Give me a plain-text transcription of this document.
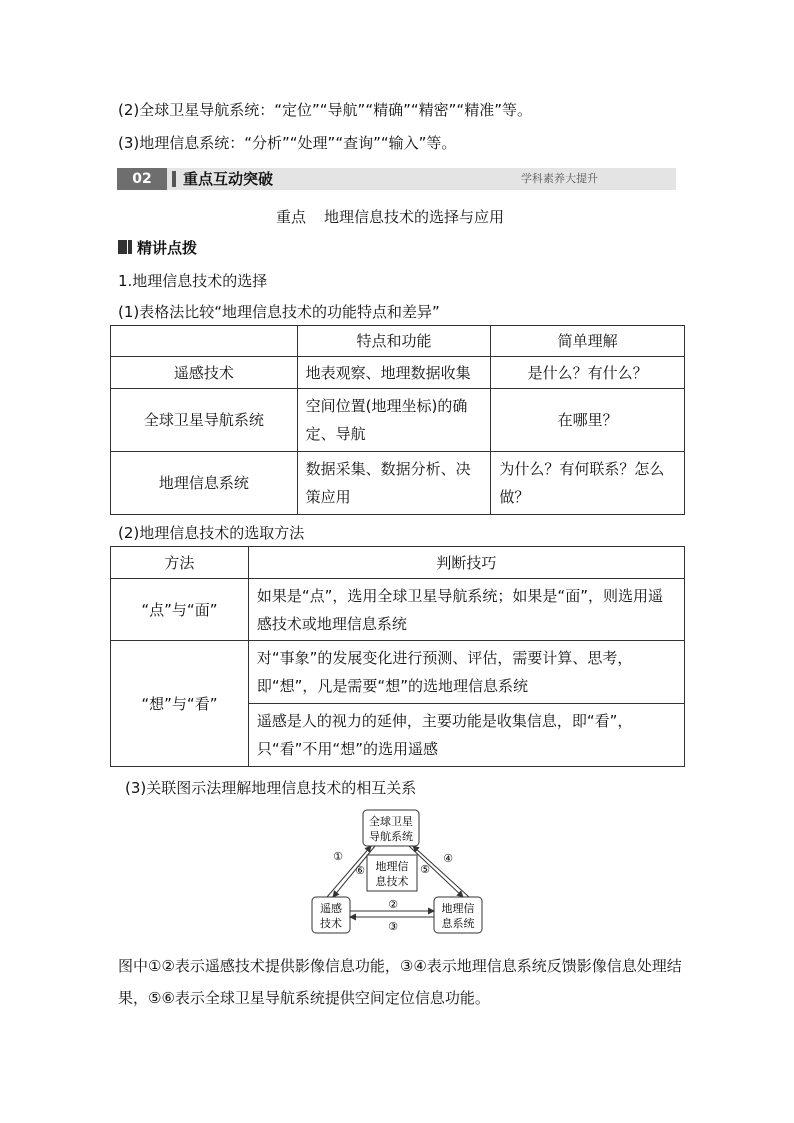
(2)全球卫星导航系统：“定位”“导航”“精确”“精密”“精准”等。
(3)地理信息系统：“分析”“处理”“查询”“输入”等。
02	重点互动突破	学科素养大提升
重点 地理信息技术的选择与应用
精讲点拨
1.地理信息技术的选择
(1)表格法比较“地理信息技术的功能特点和差异”
	特点和功能	简单理解
遥感技术	地表观察、地理数据收集	是什么？有什么？
全球卫星导航系统	空间位置(地理坐标)的确定、导航	在哪里？
地理信息系统	数据采集、数据分析、决策应用	为什么？有何联系？怎么做？
(2)地理信息技术的选取方法
方法	判断技巧
“点”与“面”	如果是“点”，选用全球卫星导航系统；如果是“面”，则选用遥感技术或地理信息系统
“想”与“看”	对“事象”的发展变化进行预测、评估，需要计算、思考，即“想”，凡是需要“想”的选地理信息系统
	遥感是人的视力的延伸，主要功能是收集信息，即“看”，只“看”不用“想”的选用遥感
(3)关联图示法理解地理信息技术的相互关系
全球卫星
导航系统
地理信
息技术
遥感
技术
地理信
息系统
①
②
③
④
⑤
⑥
图中①②表示遥感技术提供影像信息功能，③④表示地理信息系统反馈影像信息处理结果，⑤⑥表示全球卫星导航系统提供空间定位信息功能。
